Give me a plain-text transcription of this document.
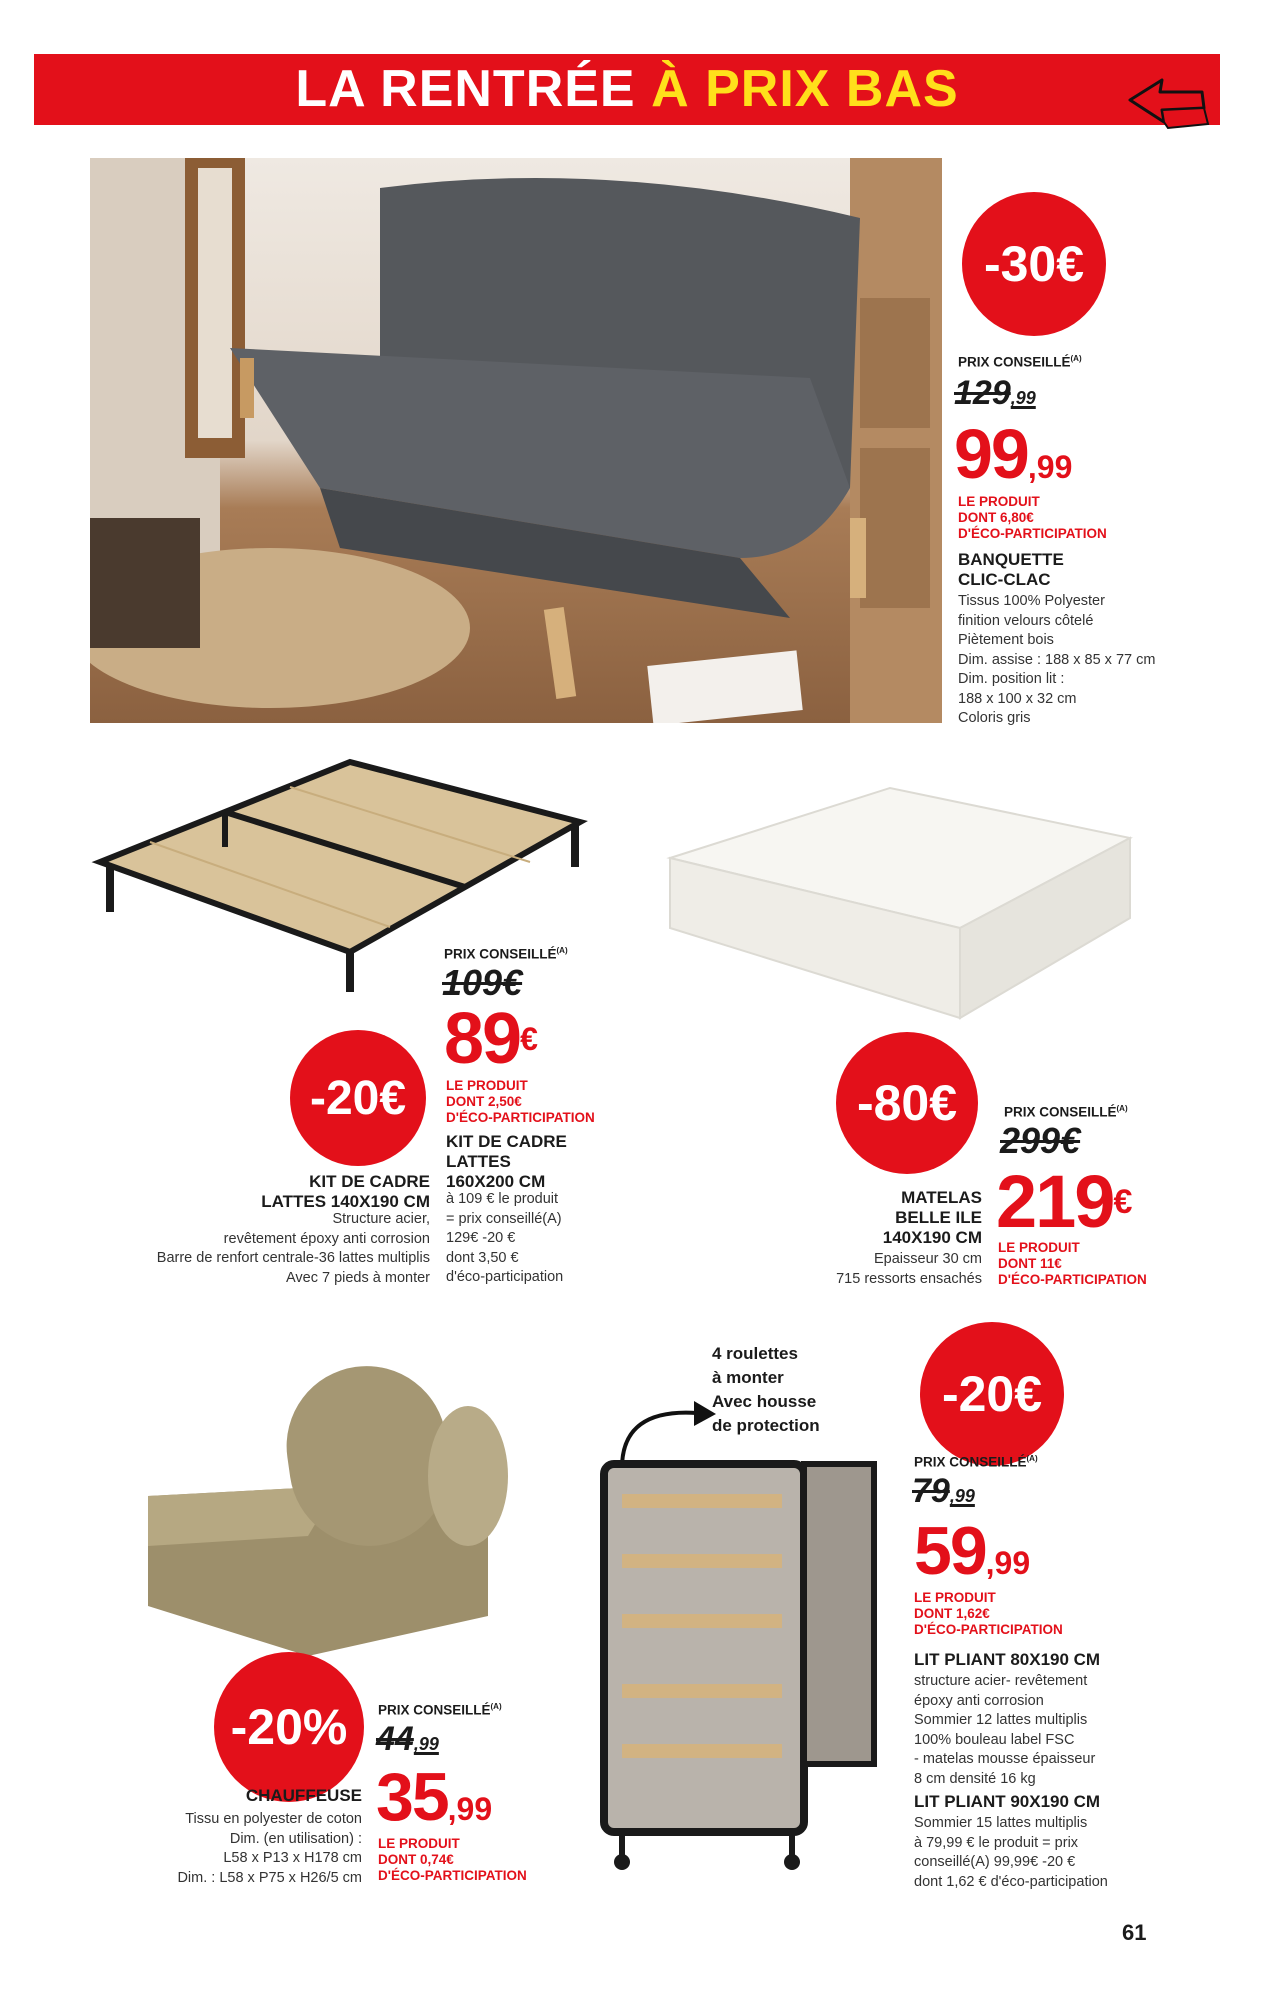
LA RENTRÉE À PRIX BAS
-30€
PRIX $CONSEILLÉ^{(A)}$
129,99
99,99
LE PRODUIT
DONT 6,80€
D'ÉCO-PARTICIPATION
BANQUETTE
CLIC-CLAC
Tissus 100% Polyester
finition velours côtelé
Piètement bois
Dim. assise : 188 x 85 x 77 cm
Dim. position lit :
188 x 100 x 32 cm
Coloris gris
PRIX $CONSEILLÉ^{(A)}$
109€
-20€
89€
LE PRODUIT
DONT 2,50€
D'ÉCO-PARTICIPATION
KIT DE CADRE
LATTES
160X200 CM
à 109 € le produit
= prix conseillé(A)
129€ -20 €
dont 3,50 €
d'éco-participation
KIT DE CADRE
LATTES 140X190 CM
Structure acier,
revêtement époxy anti corrosion
Barre de renfort centrale-36 lattes multiplis
Avec 7 pieds à monter
-80€	PRIX $CONSEILLÉ^{(A)}$
299€
219€
LE PRODUIT
DONT 11€
D'ÉCO-PARTICIPATION
MATELAS
BELLE ILE
140X190 CM
Epaisseur 30 cm
715 ressorts ensachés
4 roulettes
à monter
Avec housse
de protection
-20€
PRIX $CONSEILLÉ^{(A)}$
79,99
59,99
LE PRODUIT
DONT 1,62€
D'ÉCO-PARTICIPATION
LIT PLIANT 80X190 CM
structure acier- revêtement
époxy anti corrosion
Sommier 12 lattes multiplis
100% bouleau label FSC
- matelas mousse épaisseur
8 cm densité 16 kg
LIT PLIANT 90X190 CM
Sommier 15 lattes multiplis
à 79,99 € le produit = prix
conseillé(A) 99,99€ -20 €
dont 1,62 € d'éco-participation
-20% PRIX $CONSEILLÉ^{(A)}$
44,99
35,99
LE PRODUIT
DONT 0,74€
D'ÉCO-PARTICIPATION
CHAUFFEUSE
Tissu en polyester de coton
Dim. (en utilisation) :
L58 x P13 x H178 cm
Dim. : L58 x P75 x H26/5 cm
61
